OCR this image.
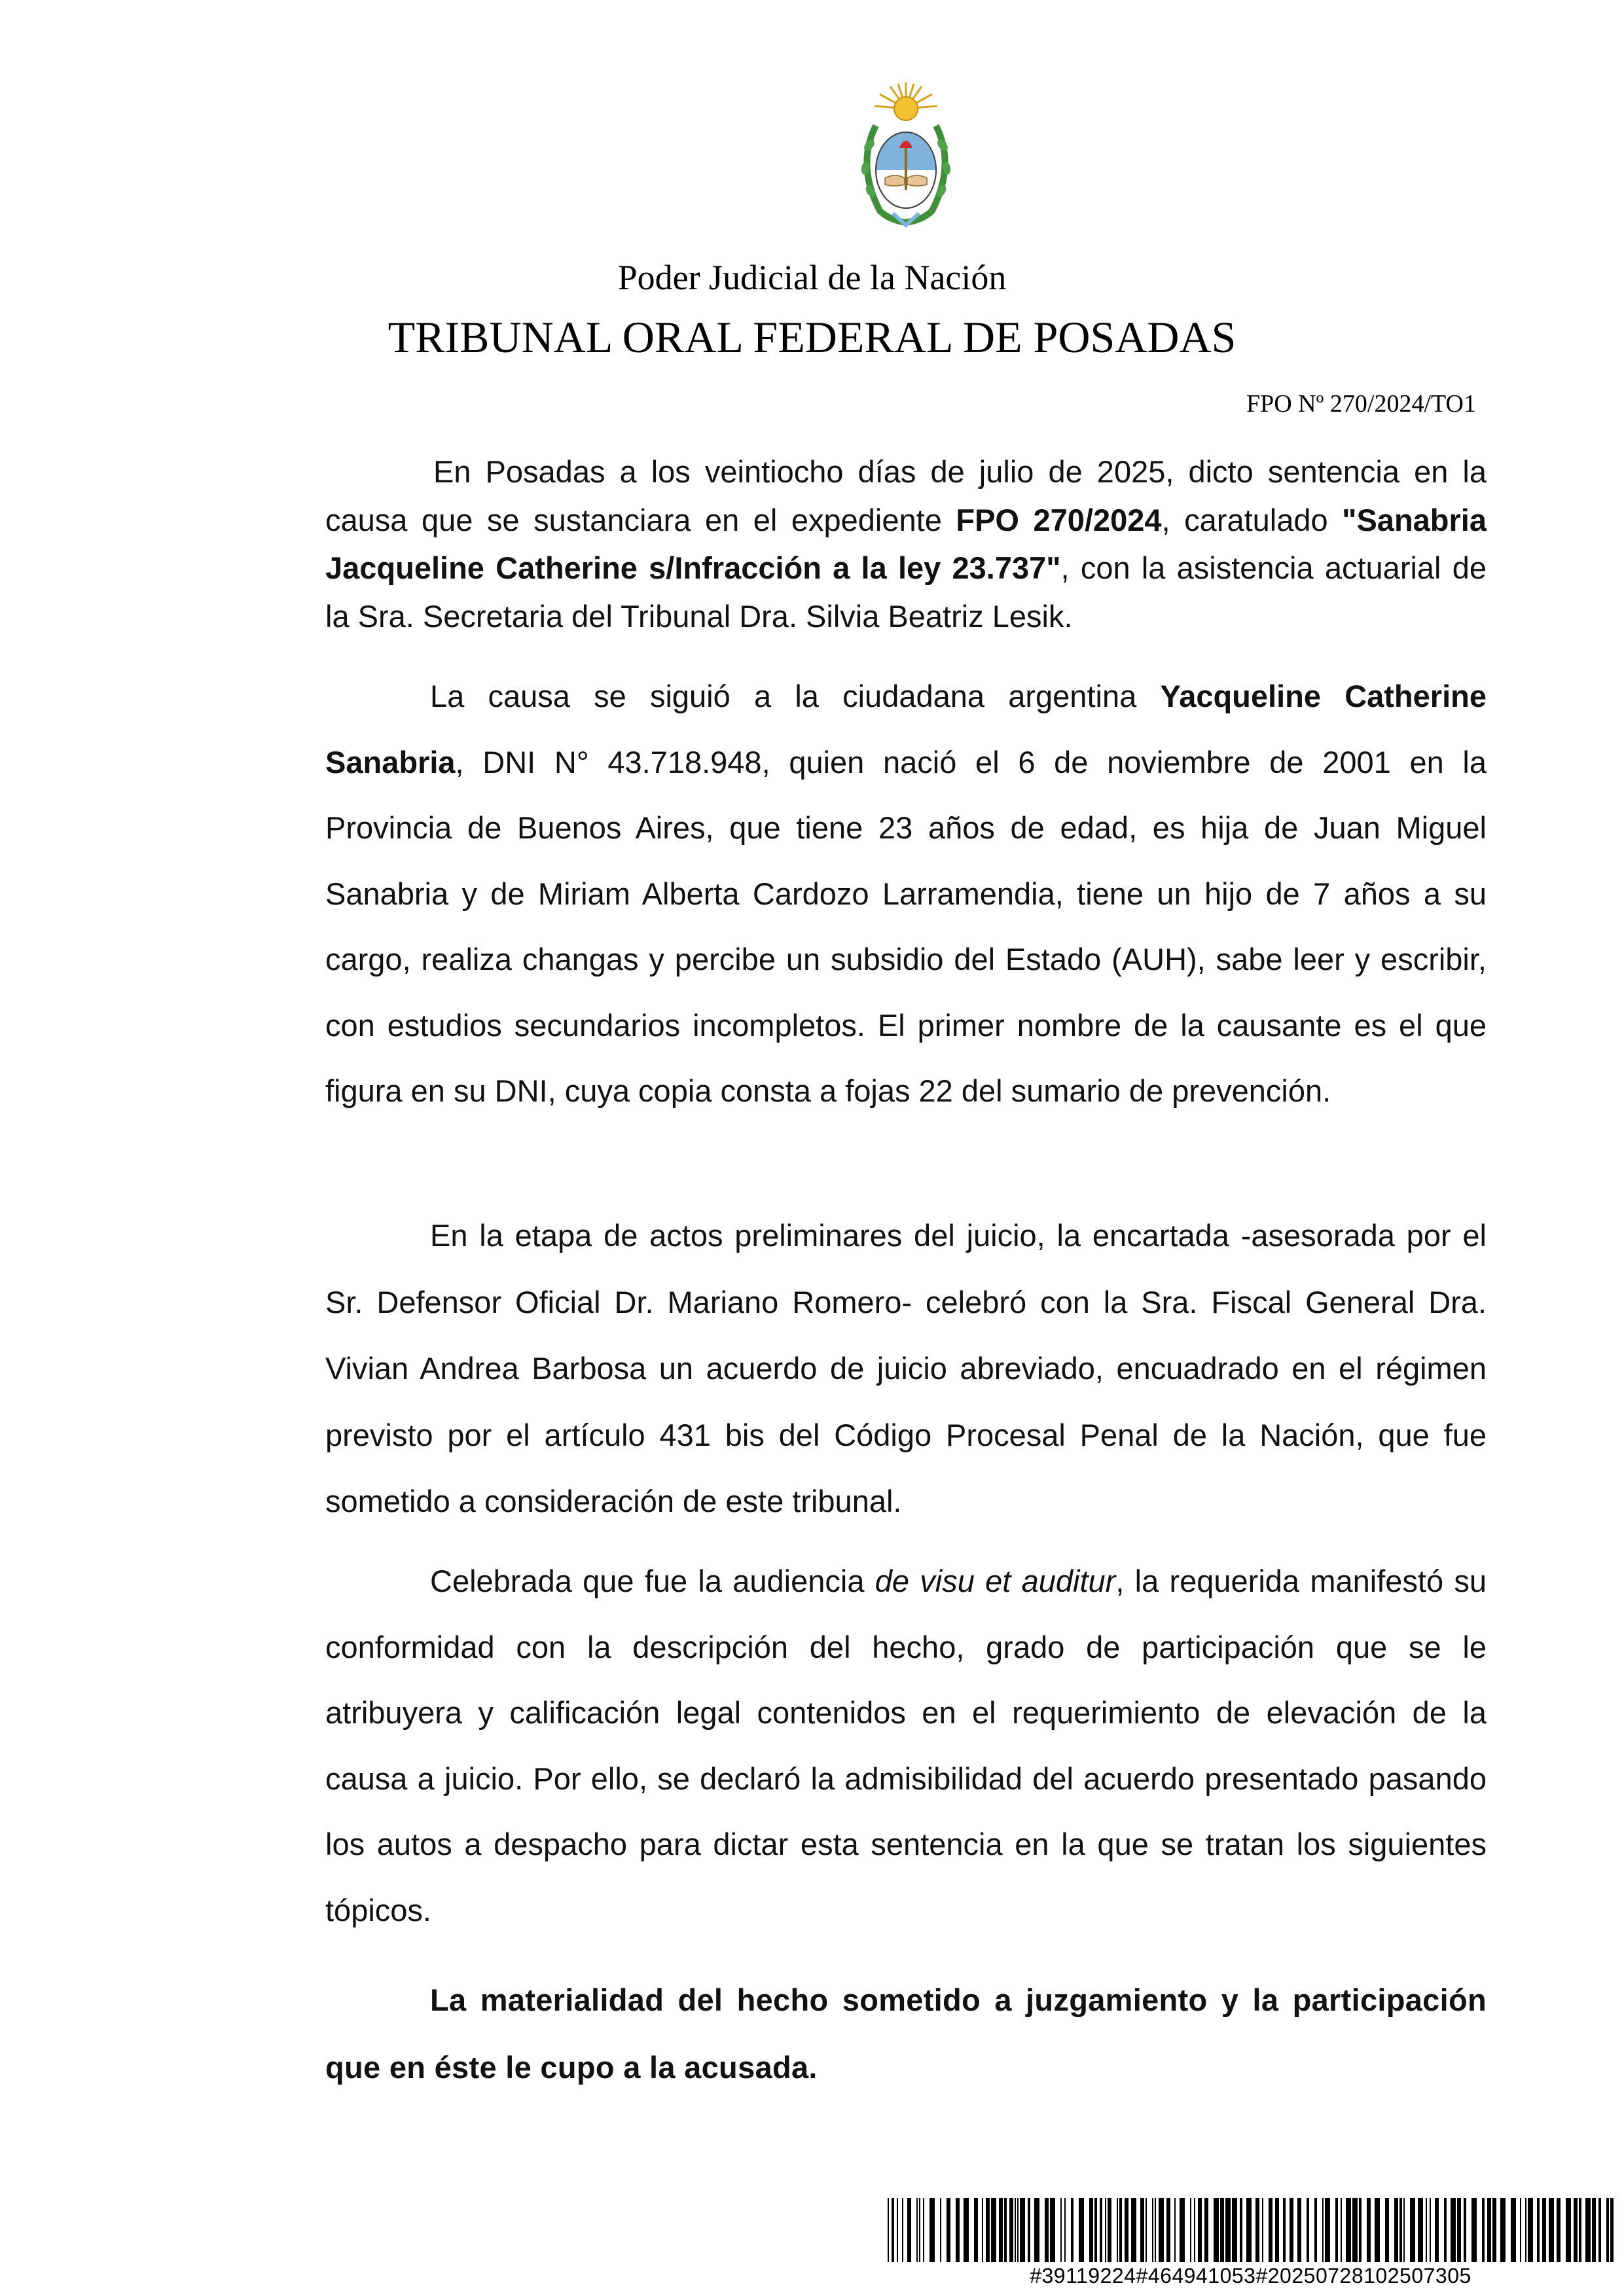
Poder Judicial de la Nación
TRIBUNAL ORAL FEDERAL DE POSADAS
FPO Nº 270/2024/TO1

En Posadas a los veintiocho días de julio de 2025, dicto sentencia en la causa que se sustanciara en el expediente FPO 270/2024, caratulado "Sanabria Jacqueline Catherine s/Infracción a la ley 23.737", con la asistencia actuarial de la Sra. Secretaria del Tribunal Dra. Silvia Beatriz Lesik.

La causa se siguió a la ciudadana argentina Yacqueline Catherine Sanabria, DNI N° 43.718.948, quien nació el 6 de noviembre de 2001 en la Provincia de Buenos Aires, que tiene 23 años de edad, es hija de Juan Miguel Sanabria y de Miriam Alberta Cardozo Larramendia, tiene un hijo de 7 años a su cargo, realiza changas y percibe un subsidio del Estado (AUH), sabe leer y escribir, con estudios secundarios incompletos. El primer nombre de la causante es el que figura en su DNI, cuya copia consta a fojas 22 del sumario de prevención.

En la etapa de actos preliminares del juicio, la encartada -asesorada por el Sr. Defensor Oficial Dr. Mariano Romero- celebró con la Sra. Fiscal General Dra. Vivian Andrea Barbosa un acuerdo de juicio abreviado, encuadrado en el régimen previsto por el artículo 431 bis del Código Procesal Penal de la Nación, que fue sometido a consideración de este tribunal.

Celebrada que fue la audiencia de visu et auditur, la requerida manifestó su conformidad con la descripción del hecho, grado de participación que se le atribuyera y calificación legal contenidos en el requerimiento de elevación de la causa a juicio. Por ello, se declaró la admisibilidad del acuerdo presentado pasando los autos a despacho para dictar esta sentencia en la que se tratan los siguientes tópicos.

La materialidad del hecho sometido a juzgamiento y la participación que en éste le cupo a la acusada.

#39119224#464941053#20250728102507305
